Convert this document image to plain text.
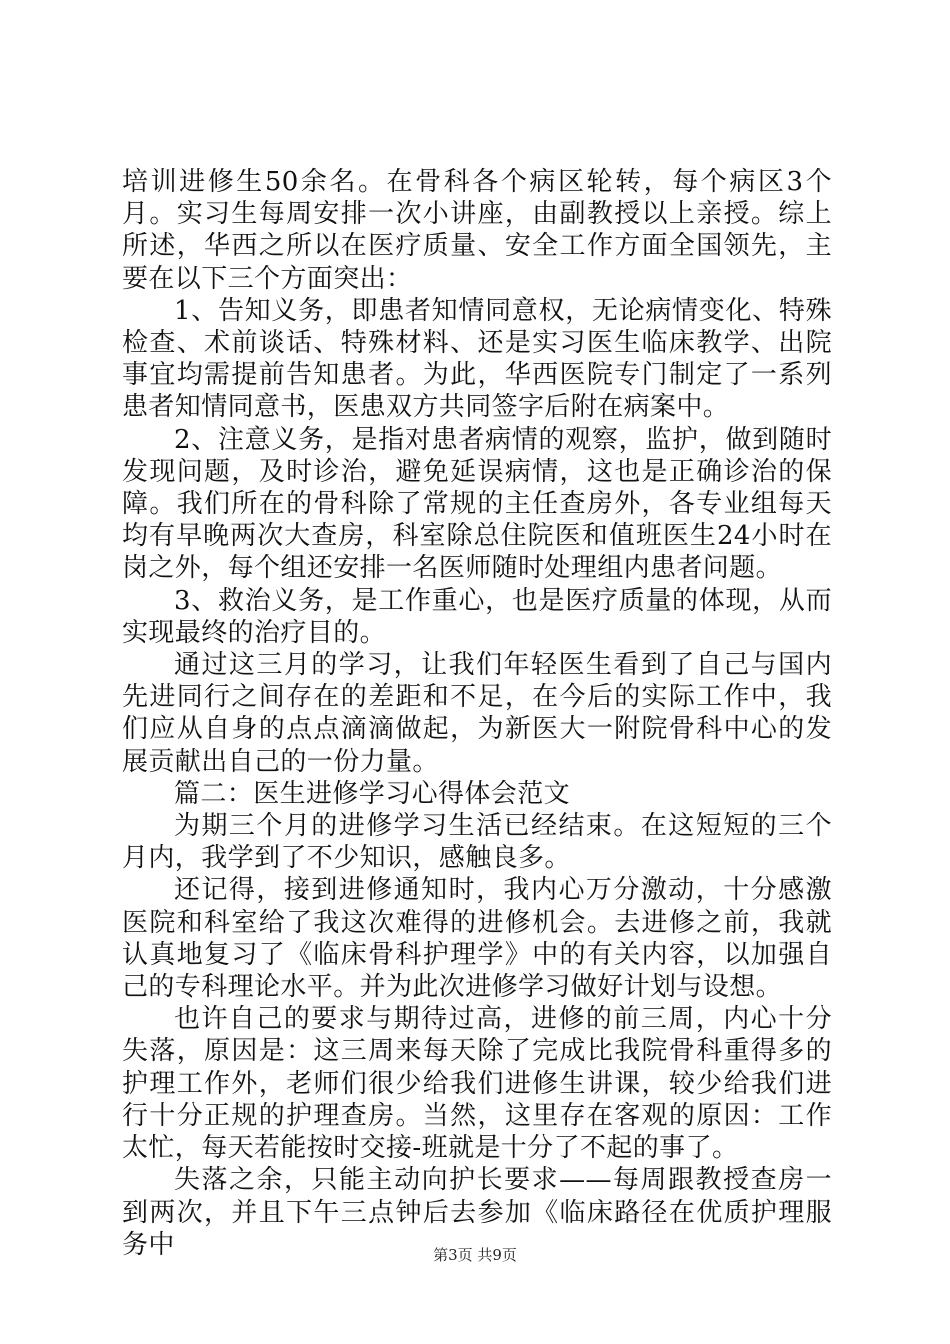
培训进修生50余名。在骨科各个病区轮转，每个病区3个月。实习生每周安排一次小讲座，由副教授以上亲授。综上所述，华西之所以在医疗质量、安全工作方面全国领先，主要在以下三个方面突出：

1、告知义务，即患者知情同意权，无论病情变化、特殊检查、术前谈话、特殊材料、还是实习医生临床教学、出院事宜均需提前告知患者。为此，华西医院专门制定了一系列患者知情同意书，医患双方共同签字后附在病案中。

2、注意义务，是指对患者病情的观察，监护，做到随时发现问题，及时诊治，避免延误病情，这也是正确诊治的保障。我们所在的骨科除了常规的主任查房外，各专业组每天均有早晚两次大查房，科室除总住院医和值班医生24小时在岗之外，每个组还安排一名医师随时处理组内患者问题。

3、救治义务，是工作重心，也是医疗质量的体现，从而实现最终的治疗目的。

通过这三月的学习，让我们年轻医生看到了自己与国内先进同行之间存在的差距和不足，在今后的实际工作中，我们应从自身的点点滴滴做起，为新医大一附院骨科中心的发展贡献出自己的一份力量。

篇二：医生进修学习心得体会范文

为期三个月的进修学习生活已经结束。在这短短的三个月内，我学到了不少知识，感触良多。

还记得，接到进修通知时，我内心万分激动，十分感激医院和科室给了我这次难得的进修机会。去进修之前，我就认真地复习了《临床骨科护理学》中的有关内容，以加强自己的专科理论水平。并为此次进修学习做好计划与设想。

也许自己的要求与期待过高，进修的前三周，内心十分失落，原因是：这三周来每天除了完成比我院骨科重得多的护理工作外，老师们很少给我们进修生讲课，较少给我们进行十分正规的护理查房。当然，这里存在客观的原因：工作太忙，每天若能按时交接-班就是十分了不起的事了。

失落之余，只能主动向护长要求——每周跟教授查房一到两次，并且下午三点钟后去参加《临床路径在优质护理服务中	第3页 共9页
